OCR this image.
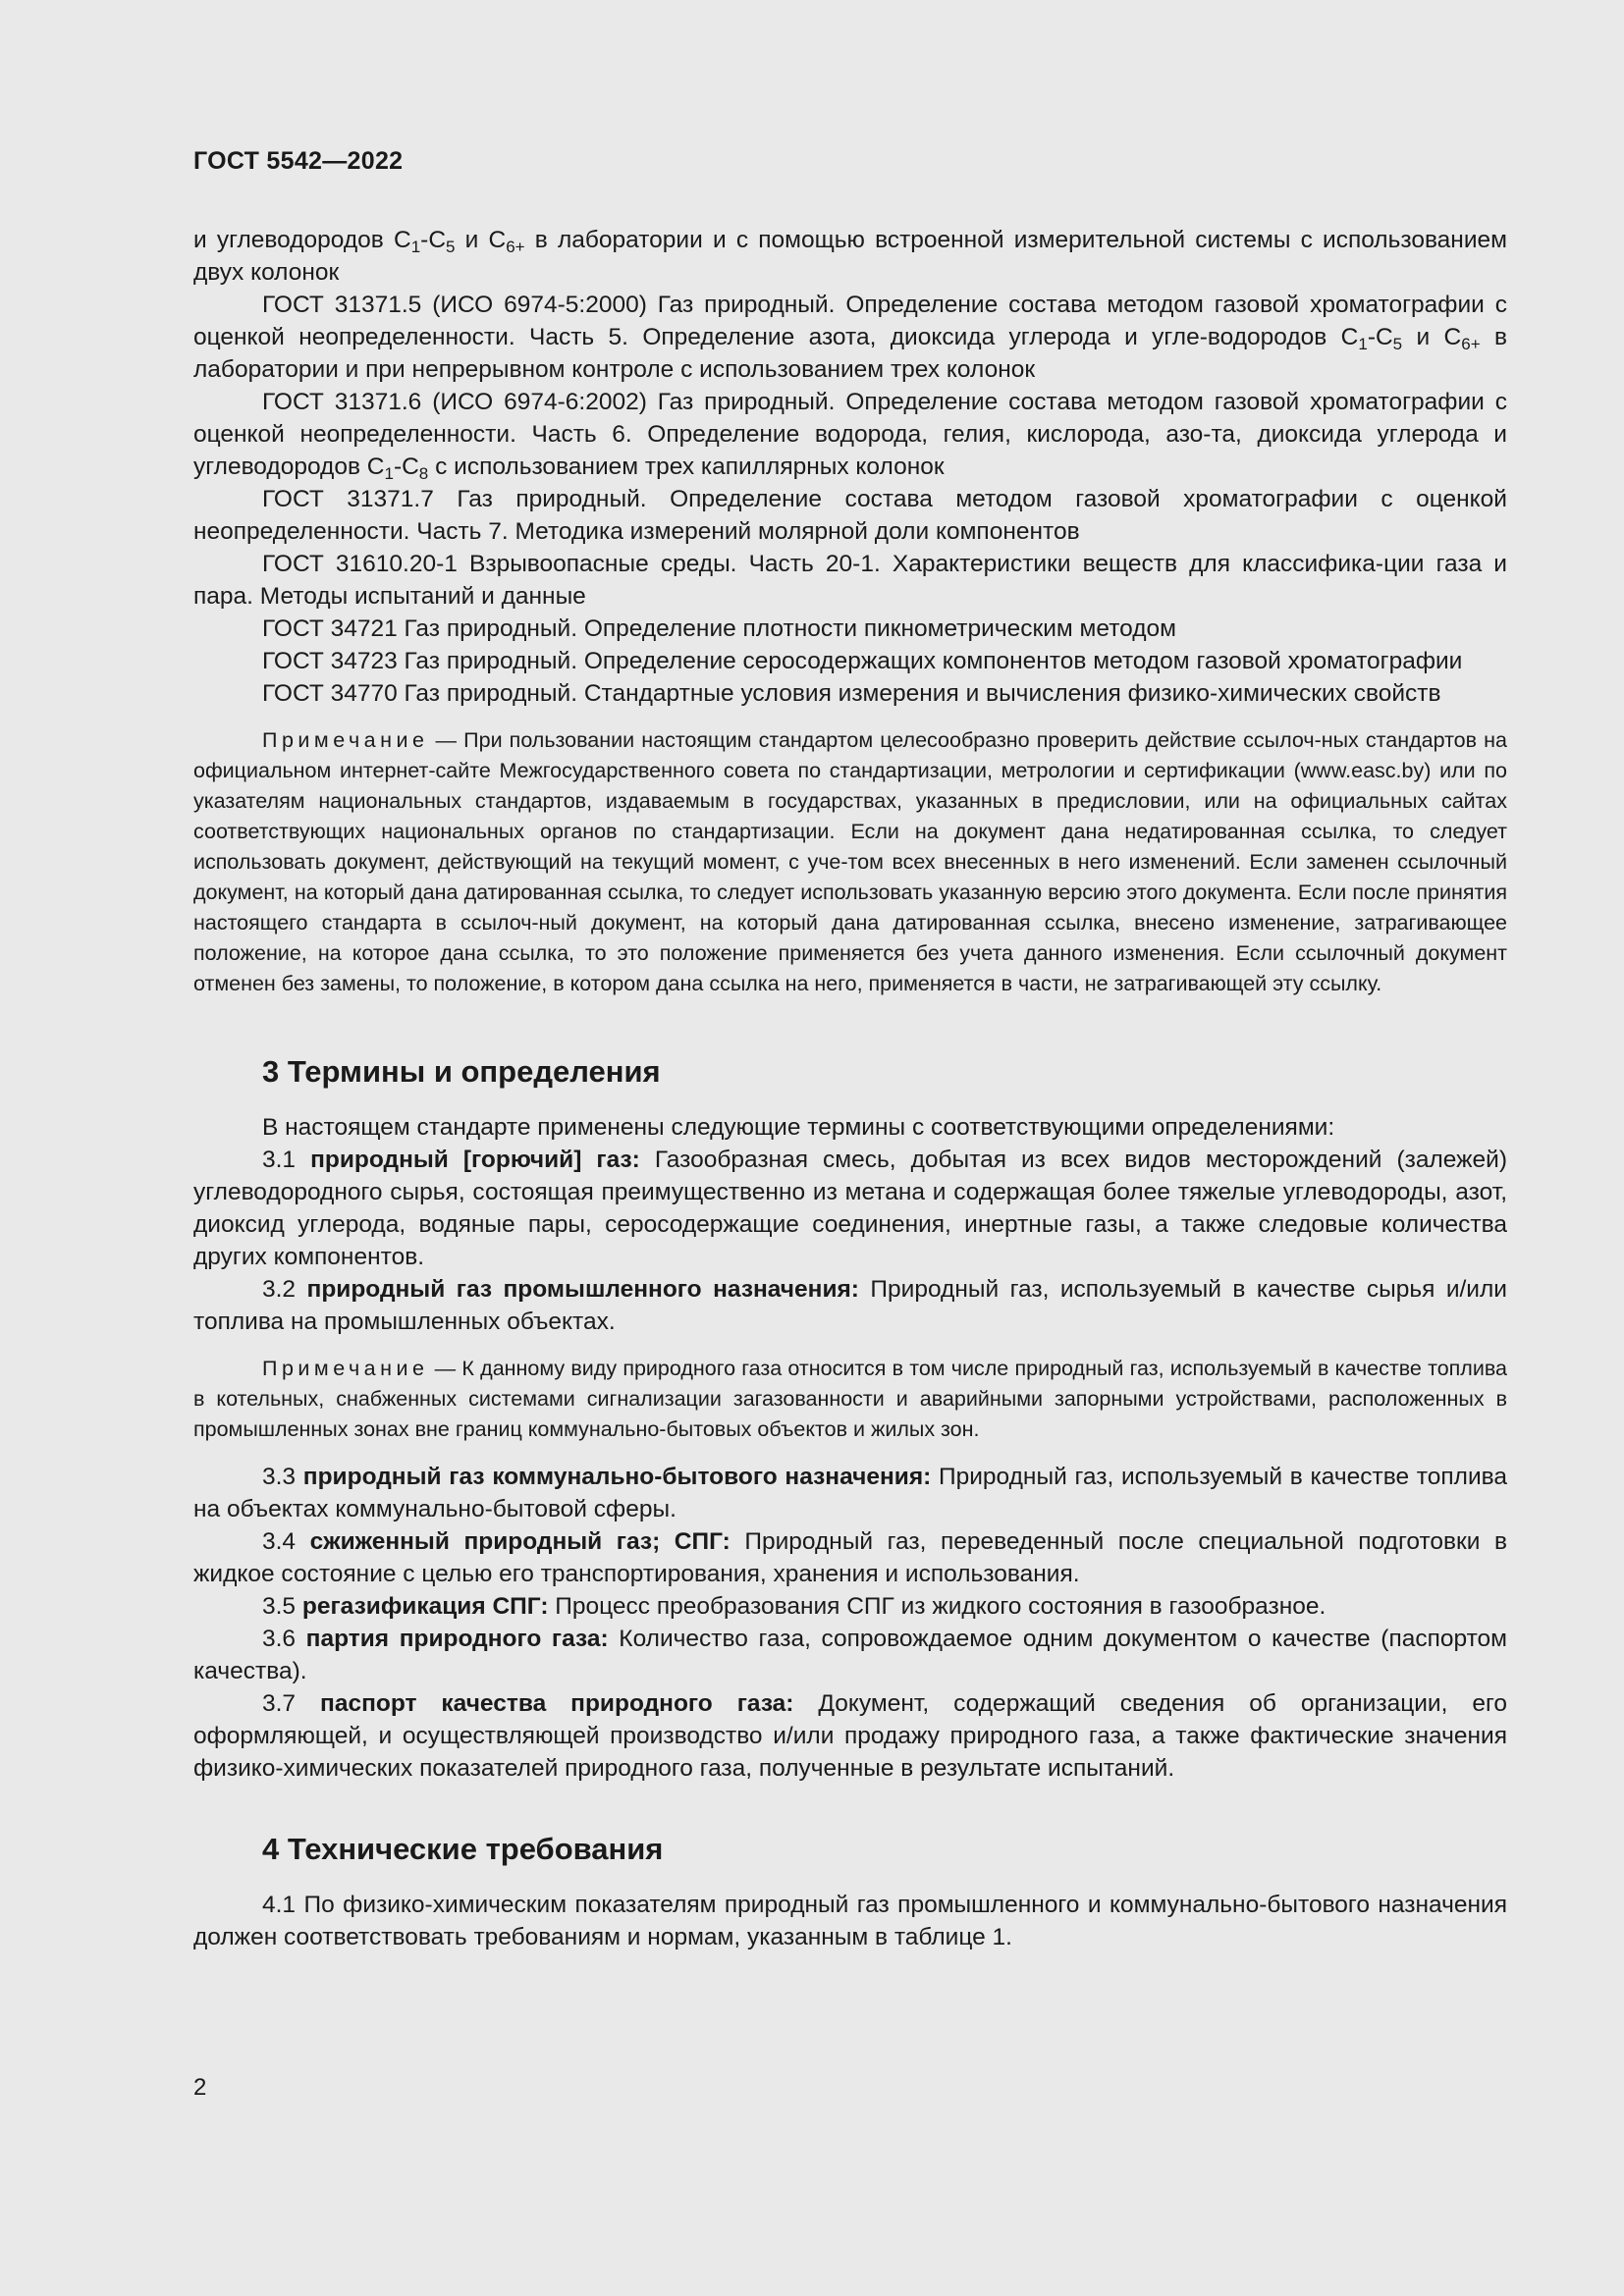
ГОСТ 5542—2022

и углеводородов $С_1-С_5$ и $С_{6+}$ в лаборатории и с помощью встроенной измерительной системы с использованием двух колонок

ГОСТ 31371.5 (ИСО 6974-5:2000) Газ природный. Определение состава методом газовой хроматографии с оценкой неопределенности. Часть 5. Определение азота, диоксида углерода и угле-водородов $С_1-С_5$ и $С_{6+}$ в лаборатории и при непрерывном контроле с использованием трех колонок

ГОСТ 31371.6 (ИСО 6974-6:2002) Газ природный. Определение состава методом газовой хроматографии с оценкой неопределенности. Часть 6. Определение водорода, гелия, кислорода, азо-та, диоксида углерода и углеводородов $С_1-С_8$ с использованием трех капиллярных колонок

ГОСТ 31371.7 Газ природный. Определение состава методом газовой хроматографии с оценкой неопределенности. Часть 7. Методика измерений молярной доли компонентов

ГОСТ 31610.20-1 Взрывоопасные среды. Часть 20-1. Характеристики веществ для классифика-ции газа и пара. Методы испытаний и данные

ГОСТ 34721 Газ природный. Определение плотности пикнометрическим методом

ГОСТ 34723 Газ природный. Определение серосодержащих компонентов методом газовой хроматографии

ГОСТ 34770 Газ природный. Стандартные условия измерения и вычисления физико-химических свойств

Примечание — При пользовании настоящим стандартом целесообразно проверить действие ссылоч-ных стандартов на официальном интернет-сайте Межгосударственного совета по стандартизации, метрологии и сертификации (www.easc.by) или по указателям национальных стандартов, издаваемым в государствах, указанных в предисловии, или на официальных сайтах соответствующих национальных органов по стандартизации. Если на документ дана недатированная ссылка, то следует использовать документ, действующий на текущий момент, с уче-том всех внесенных в него изменений. Если заменен ссылочный документ, на который дана датированная ссылка, то следует использовать указанную версию этого документа. Если после принятия настоящего стандарта в ссылоч-ный документ, на который дана датированная ссылка, внесено изменение, затрагивающее положение, на которое дана ссылка, то это положение применяется без учета данного изменения. Если ссылочный документ отменен без замены, то положение, в котором дана ссылка на него, применяется в части, не затрагивающей эту ссылку.

3 Термины и определения

В настоящем стандарте применены следующие термины с соответствующими определениями:

3.1 природный [горючий] газ: Газообразная смесь, добытая из всех видов месторождений (залежей) углеводородного сырья, состоящая преимущественно из метана и содержащая более тяжелые углеводороды, азот, диоксид углерода, водяные пары, серосодержащие соединения, инертные газы, а также следовые количества других компонентов.

3.2 природный газ промышленного назначения: Природный газ, используемый в качестве сырья и/или топлива на промышленных объектах.

Примечание — К данному виду природного газа относится в том числе природный газ, используемый в качестве топлива в котельных, снабженных системами сигнализации загазованности и аварийными запорными устройствами, расположенных в промышленных зонах вне границ коммунально-бытовых объектов и жилых зон.

3.3 природный газ коммунально-бытового назначения: Природный газ, используемый в качестве топлива на объектах коммунально-бытовой сферы.

3.4 сжиженный природный газ; СПГ: Природный газ, переведенный после специальной подготовки в жидкое состояние с целью его транспортирования, хранения и использования.

3.5 регазификация СПГ: Процесс преобразования СПГ из жидкого состояния в газообразное.

3.6 партия природного газа: Количество газа, сопровождаемое одним документом о качестве (паспортом качества).

3.7 паспорт качества природного газа: Документ, содержащий сведения об организации, его оформляющей, и осуществляющей производство и/или продажу природного газа, а также фактические значения физико-химических показателей природного газа, полученные в результате испытаний.

4 Технические требования

4.1 По физико-химическим показателям природный газ промышленного и коммунально-бытового назначения должен соответствовать требованиям и нормам, указанным в таблице 1.

2
